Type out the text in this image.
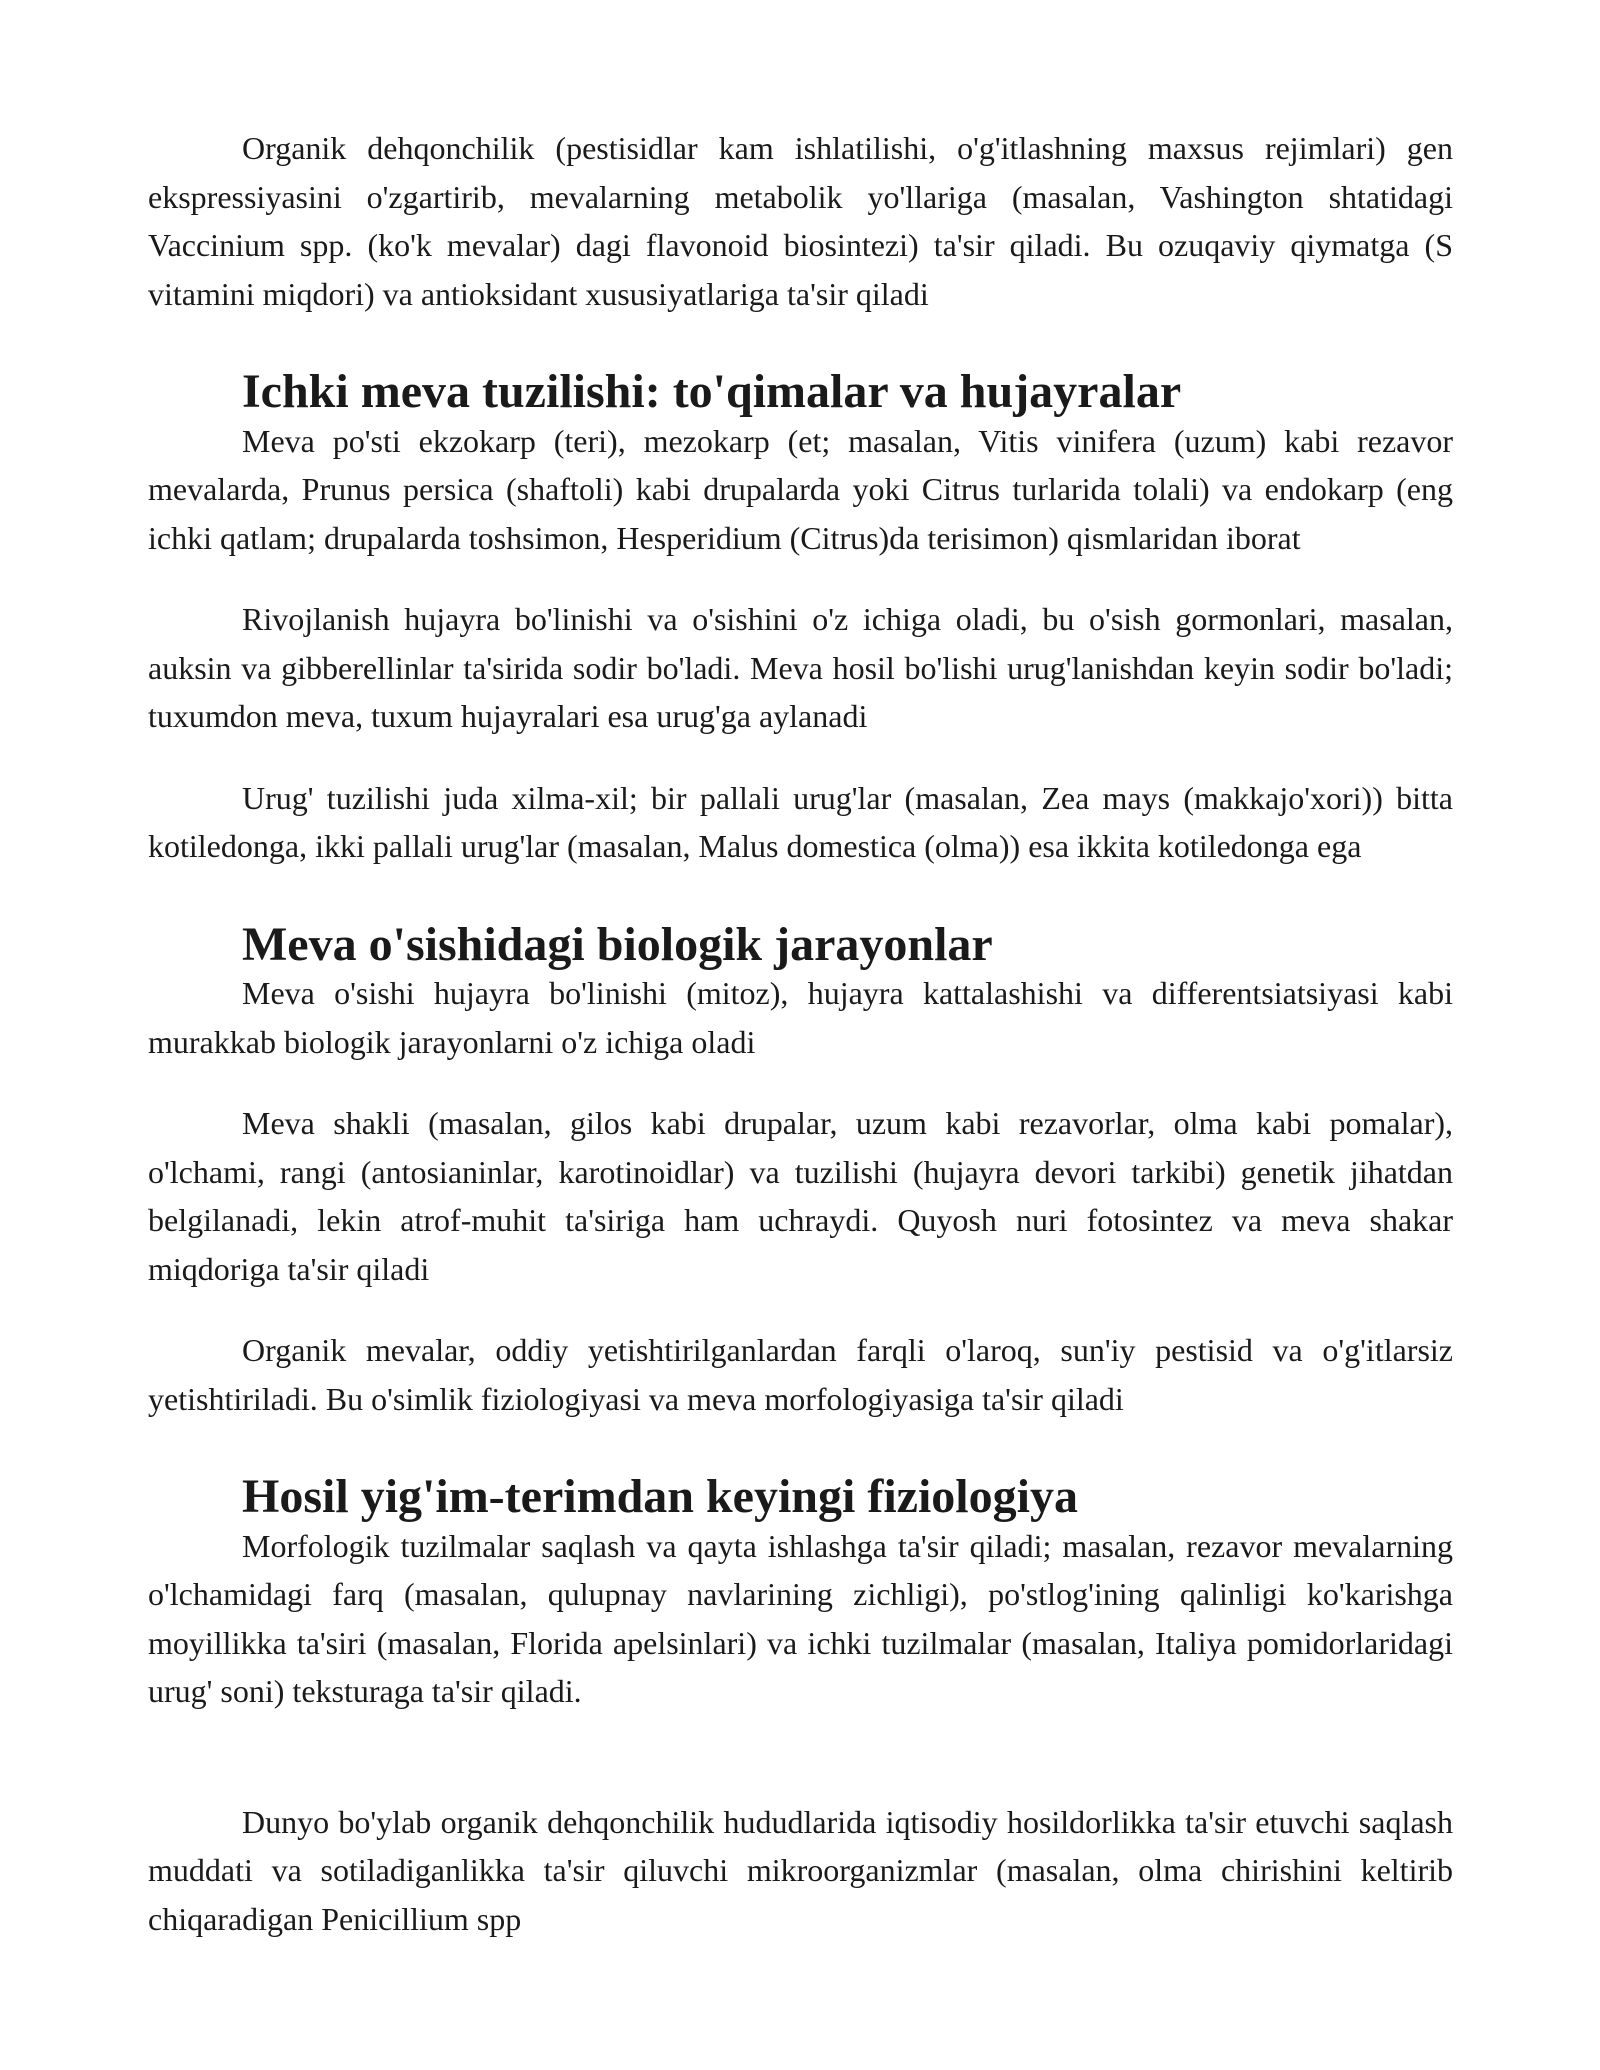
Organik dehqonchilik (pestisidlar kam ishlatilishi, o'g'itlashning maxsus rejimlari) gen ekspressiyasini o'zgartirib, mevalarning metabolik yo'llariga (masalan, Vashington shtatidagi Vaccinium spp. (ko'k mevalar) dagi flavonoid biosintezi) ta'sir qiladi. Bu ozuqaviy qiymatga (S vitamini miqdori) va antioksidant xususiyatlariga ta'sir qiladi

Ichki meva tuzilishi: to'qimalar va hujayralar

Meva po'sti ekzokarp (teri), mezokarp (et; masalan, Vitis vinifera (uzum) kabi rezavor mevalarda, Prunus persica (shaftoli) kabi drupalarda yoki Citrus turlarida tolali) va endokarp (eng ichki qatlam; drupalarda toshsimon, Hesperidium (Citrus)da terisimon) qismlaridan iborat

Rivojlanish hujayra bo'linishi va o'sishini o'z ichiga oladi, bu o'sish gormonlari, masalan, auksin va gibberellinlar ta'sirida sodir bo'ladi. Meva hosil bo'lishi urug'lanishdan keyin sodir bo'ladi; tuxumdon meva, tuxum hujayralari esa urug'ga aylanadi

Urug' tuzilishi juda xilma-xil; bir pallali urug'lar (masalan, Zea mays (makkajo'xori)) bitta kotiledonga, ikki pallali urug'lar (masalan, Malus domestica (olma)) esa ikkita kotiledonga ega

Meva o'sishidagi biologik jarayonlar

Meva o'sishi hujayra bo'linishi (mitoz), hujayra kattalashishi va differentsiatsiyasi kabi murakkab biologik jarayonlarni o'z ichiga oladi

Meva shakli (masalan, gilos kabi drupalar, uzum kabi rezavorlar, olma kabi pomalar), o'lchami, rangi (antosianinlar, karotinoidlar) va tuzilishi (hujayra devori tarkibi) genetik jihatdan belgilanadi, lekin atrof-muhit ta'siriga ham uchraydi. Quyosh nuri fotosintez va meva shakar miqdoriga ta'sir qiladi

Organik mevalar, oddiy yetishtirilganlardan farqli o'laroq, sun'iy pestisid va o'g'itlarsiz yetishtiriladi. Bu o'simlik fiziologiyasi va meva morfologiyasiga ta'sir qiladi

Hosil yig'im-terimdan keyingi fiziologiya

Morfologik tuzilmalar saqlash va qayta ishlashga ta'sir qiladi; masalan, rezavor mevalarning o'lchamidagi farq (masalan, qulupnay navlarining zichligi), po'stlog'ining qalinligi ko'karishga moyillikka ta'siri (masalan, Florida apelsinlari) va ichki tuzilmalar (masalan, Italiya pomidorlaridagi urug' soni) teksturaga ta'sir qiladi.

Dunyo bo'ylab organik dehqonchilik hududlarida iqtisodiy hosildorlikka ta'sir etuvchi saqlash muddati va sotiladiganlikka ta'sir qiluvchi mikroorganizmlar (masalan, olma chirishini keltirib chiqaradigan Penicillium spp
